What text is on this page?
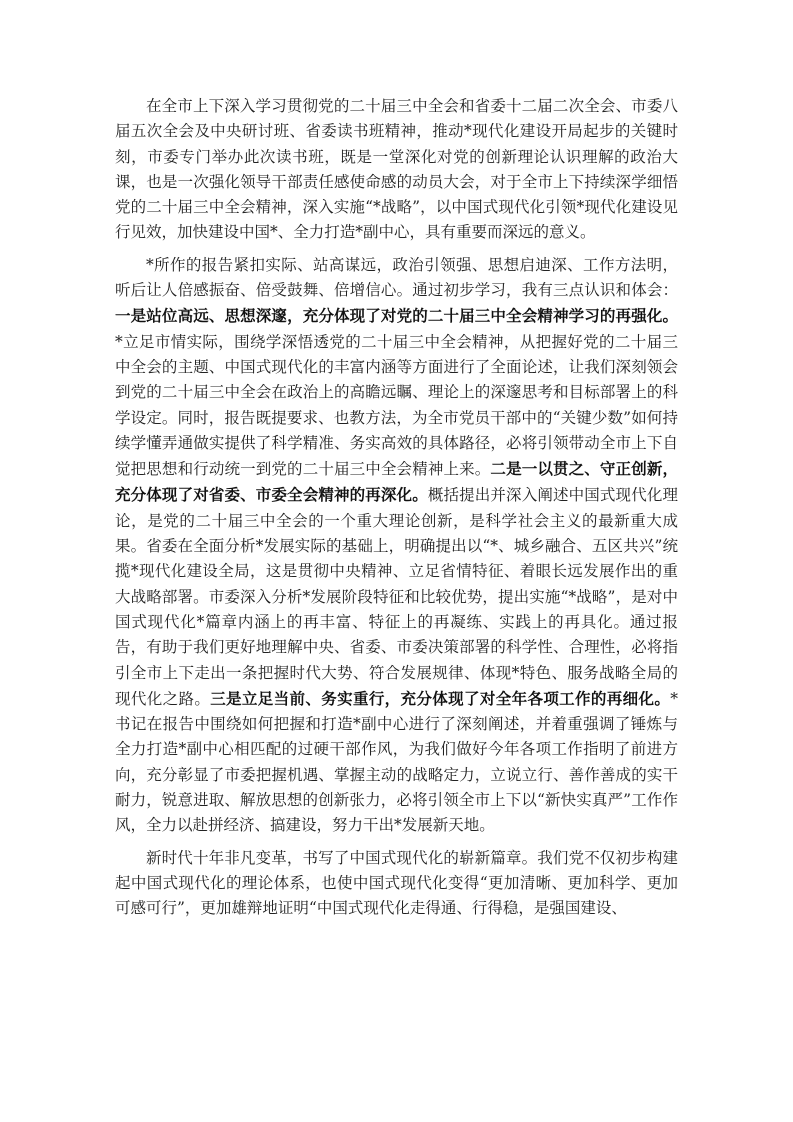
在全市上下深入学习贯彻党的二十届三中全会和省委十二届二次全会、市委八届五次全会及中央研讨班、省委读书班精神，推动*现代化建设开局起步的关键时刻，市委专门举办此次读书班，既是一堂深化对党的创新理论认识理解的政治大课，也是一次强化领导干部责任感使命感的动员大会，对于全市上下持续深学细悟党的二十届三中全会精神，深入实施“*战略”，以中国式现代化引领*现代化建设见行见效，加快建设中国*、全力打造*副中心，具有重要而深远的意义。

*所作的报告紧扣实际、站高谋远，政治引领强、思想启迪深、工作方法明，听后让人倍感振奋、倍受鼓舞、倍增信心。通过初步学习，我有三点认识和体会：一是站位高远、思想深邃，充分体现了对党的二十届三中全会精神学习的再强化。*立足市情实际，围绕学深悟透党的二十届三中全会精神，从把握好党的二十届三中全会的主题、中国式现代化的丰富内涵等方面进行了全面论述，让我们深刻领会到党的二十届三中全会在政治上的高瞻远瞩、理论上的深邃思考和目标部署上的科学设定。同时，报告既提要求、也教方法，为全市党员干部中的“关键少数”如何持续学懂弄通做实提供了科学精准、务实高效的具体路径，必将引领带动全市上下自觉把思想和行动统一到党的二十届三中全会精神上来。二是一以贯之、守正创新，充分体现了对省委、市委全会精神的再深化。概括提出并深入阐述中国式现代化理论，是党的二十届三中全会的一个重大理论创新，是科学社会主义的最新重大成果。省委在全面分析*发展实际的基础上，明确提出以“*、城乡融合、五区共兴”统揽*现代化建设全局，这是贯彻中央精神、立足省情特征、着眼长远发展作出的重大战略部署。市委深入分析*发展阶段特征和比较优势，提出实施“*战略”，是对中国式现代化*篇章内涵上的再丰富、特征上的再凝练、实践上的再具化。通过报告，有助于我们更好地理解中央、省委、市委决策部署的科学性、合理性，必将指引全市上下走出一条把握时代大势、符合发展规律、体现*特色、服务战略全局的现代化之路。三是立足当前、务实重行，充分体现了对全年各项工作的再细化。*书记在报告中围绕如何把握和打造*副中心进行了深刻阐述，并着重强调了锤炼与全力打造*副中心相匹配的过硬干部作风，为我们做好今年各项工作指明了前进方向，充分彰显了市委把握机遇、掌握主动的战略定力，立说立行、善作善成的实干耐力，锐意进取、解放思想的创新张力，必将引领全市上下以“新快实真严”工作作风，全力以赴拼经济、搞建设，努力干出*发展新天地。

新时代十年非凡变革，书写了中国式现代化的崭新篇章。我们党不仅初步构建起中国式现代化的理论体系，也使中国式现代化变得“更加清晰、更加科学、更加可感可行”，更加雄辩地证明“中国式现代化走得通、行得稳，是强国建设、
